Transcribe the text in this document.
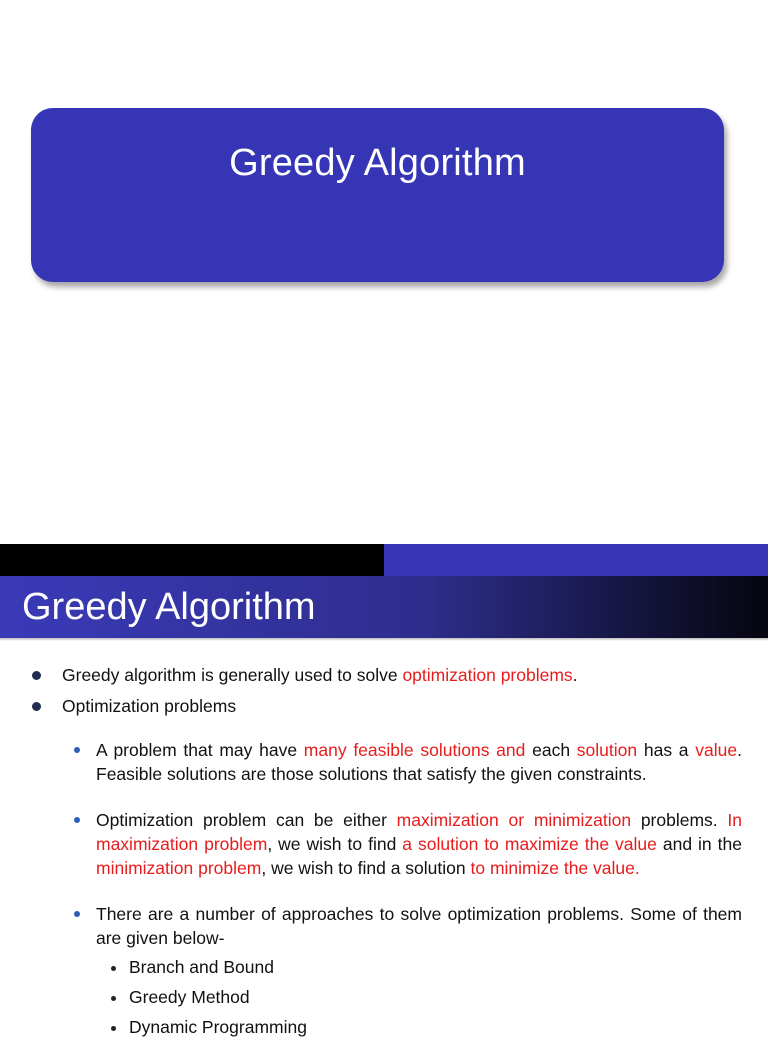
Greedy Algorithm
Greedy Algorithm
Greedy algorithm is generally used to solve optimization problems.
Optimization problems
A problem that may have many feasible solutions and each solution has a value. Feasible solutions are those solutions that satisfy the given constraints.
Optimization problem can be either maximization or minimization problems. In maximization problem, we wish to find a solution to maximize the value and in the minimization problem, we wish to find a solution to minimize the value.
There are a number of approaches to solve optimization problems. Some of them are given below-
Branch and Bound
Greedy Method
Dynamic Programming
